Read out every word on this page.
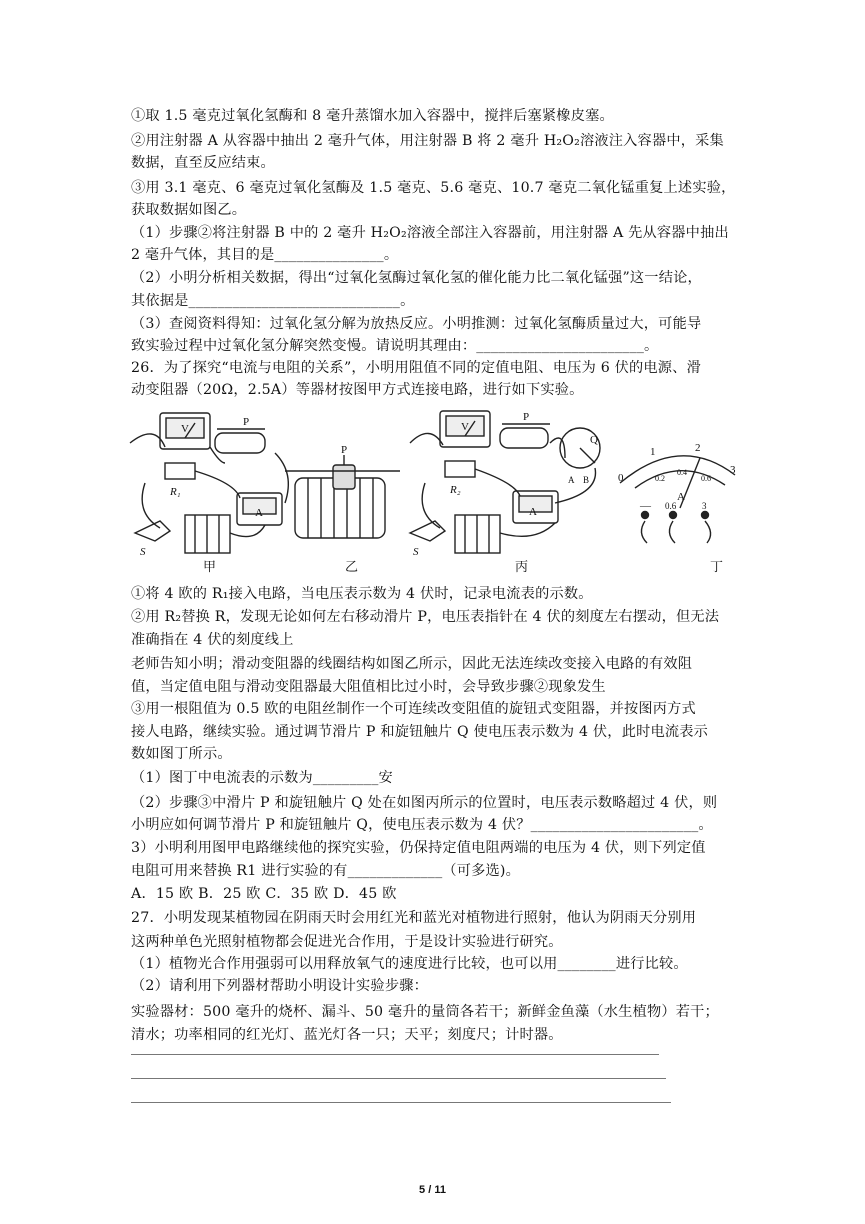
①取 1.5 毫克过氧化氢酶和 8 毫升蒸馏水加入容器中，搅拌后塞紧橡皮塞。
②用注射器 A 从容器中抽出 2 毫升气体，用注射器 B 将 2 毫升 H₂O₂溶液注入容器中，采集
数据，直至反应结束。
③用 3.1 毫克、6 毫克过氧化氢酶及 1.5 毫克、5.6 毫克、10.7 毫克二氧化锰重复上述实验，
获取数据如图乙。
（1）步骤②将注射器 B 中的 2 毫升 H₂O₂溶液全部注入容器前，用注射器 A 先从容器中抽出
2 毫升气体，其目的是_______________。
（2）小明分析相关数据，得出“过氧化氢酶过氧化氢的催化能力比二氧化锰强”这一结论，
其依据是_____________________________。
（3）查阅资料得知：过氧化氢分解为放热反应。小明推测：过氧化氢酶质量过大，可能导
致实验过程中过氧化氢分解突然变慢。请说明其理由：_______________________。
26．为了探究“电流与电阻的关系”，小明用阻值不同的定值电阻、电压为 6 伏的电源、滑
动变阻器（20Ω，2.5A）等器材按图甲方式连接电路，进行如下实验。
①将 4 欧的 R₁接入电路，当电压表示数为 4 伏时，记录电流表的示数。
②用 R₂替换 R，发现无论如何左右移动滑片 P，电压表指针在 4 伏的刻度左右摆动，但无法
准确指在 4 伏的刻度线上
老师告知小明；滑动变阻器的线圈结构如图乙所示，因此无法连续改变接入电路的有效阻
值，当定值电阻与滑动变阻器最大阻值相比过小时，会导致步骤②现象发生
③用一根阻值为 0.5 欧的电阻丝制作一个可连续改变阻值的旋钮式变阻器，并按图丙方式
接人电路，继续实验。通过调节滑片 P 和旋钮触片 Q 使电压表示数为 4 伏，此时电流表示
数如图丁所示。
（1）图丁中电流表的示数为_________安
（2）步骤③中滑片 P 和旋钮触片 Q 处在如图丙所示的位置时，电压表示数略超过 4 伏，则
小明应如何调节滑片 P 和旋钮触片 Q，使电压表示数为 4 伏？_______________________。
3）小明利用图甲电路继续他的探究实验，仍保持定值电阻两端的电压为 4 伏，则下列定值
电阻可用来替换 R1 进行实验的有_____________（可多选)。
A．15 欧 B．25 欧 C．35 欧 D．45 欧
27．小明发现某植物园在阴雨天时会用红光和蓝光对植物进行照射，他认为阴雨天分别用
这两种单色光照射植物都会促进光合作用，于是设计实验进行研究。
（1）植物光合作用强弱可以用释放氧气的速度进行比较，也可以用________进行比较。
（2）请利用下列器材帮助小明设计实验步骤：
实验器材：500 毫升的烧杯、漏斗、50 毫升的量筒各若干；新鲜金鱼藻（水生植物）若干；
清水；功率相同的红光灯、蓝光灯各一只；天平；刻度尺；计时器。
V
A
P
R₁
S
P
V
A
P
Q
A B
R₂
S
0
1	2
3
0.2
0.4
0.6
A
— 0.6	3
甲	乙	丙	丁
5 / 11
